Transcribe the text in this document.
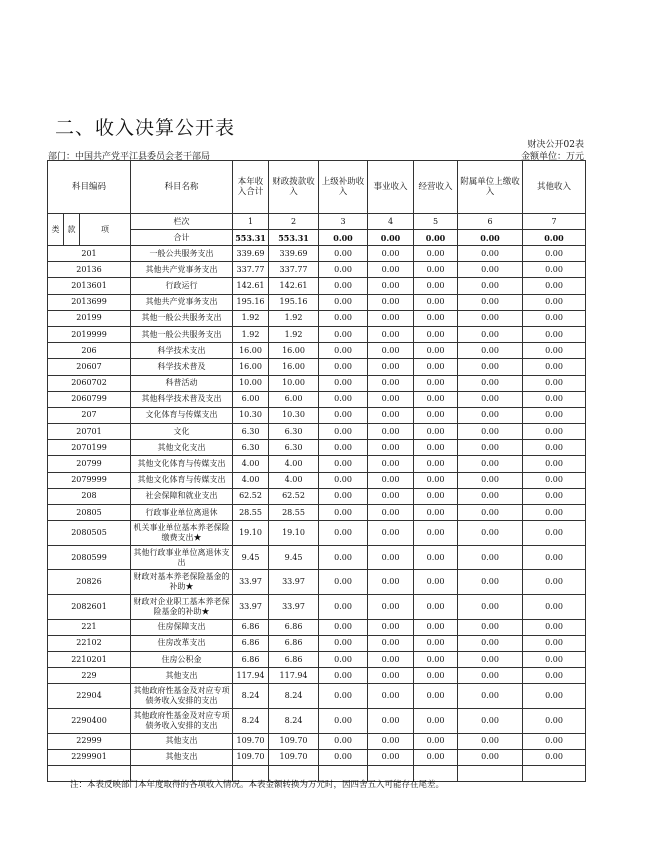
二、收入决算公开表
财决公开02表
部门：中国共产党平江县委员会老干部局	金额单位：万元
科目编码			科目名称	本年收入合计	财政拨款收入	上级补助收入	事业收入	经营收入	附属单位上缴收入	其他收入
类	款	项	栏次	1	2	3	4	5	6	7
			合计	553.31	553.31	0.00	0.00	0.00	0.00	0.00
201			一般公共服务支出	339.69	339.69	0.00	0.00	0.00	0.00	0.00
20136			其他共产党事务支出	337.77	337.77	0.00	0.00	0.00	0.00	0.00
2013601			行政运行	142.61	142.61	0.00	0.00	0.00	0.00	0.00
2013699			其他共产党事务支出	195.16	195.16	0.00	0.00	0.00	0.00	0.00
20199			其他一般公共服务支出	1.92	1.92	0.00	0.00	0.00	0.00	0.00
2019999			其他一般公共服务支出	1.92	1.92	0.00	0.00	0.00	0.00	0.00
206			科学技术支出	16.00	16.00	0.00	0.00	0.00	0.00	0.00
20607			科学技术普及	16.00	16.00	0.00	0.00	0.00	0.00	0.00
2060702			科普活动	10.00	10.00	0.00	0.00	0.00	0.00	0.00
2060799			其他科学技术普及支出	6.00	6.00	0.00	0.00	0.00	0.00	0.00
207			文化体育与传媒支出	10.30	10.30	0.00	0.00	0.00	0.00	0.00
20701			文化	6.30	6.30	0.00	0.00	0.00	0.00	0.00
2070199			其他文化支出	6.30	6.30	0.00	0.00	0.00	0.00	0.00
20799			其他文化体育与传媒支出	4.00	4.00	0.00	0.00	0.00	0.00	0.00
2079999			其他文化体育与传媒支出	4.00	4.00	0.00	0.00	0.00	0.00	0.00
208			社会保障和就业支出	62.52	62.52	0.00	0.00	0.00	0.00	0.00
20805			行政事业单位离退休	28.55	28.55	0.00	0.00	0.00	0.00	0.00
2080505			机关事业单位基本养老保险缴费支出★	19.10	19.10	0.00	0.00	0.00	0.00	0.00
2080599			其他行政事业单位离退休支出	9.45	9.45	0.00	0.00	0.00	0.00	0.00
20826			财政对基本养老保险基金的补助★	33.97	33.97	0.00	0.00	0.00	0.00	0.00
2082601			财政对企业职工基本养老保险基金的补助★	33.97	33.97	0.00	0.00	0.00	0.00	0.00
221			住房保障支出	6.86	6.86	0.00	0.00	0.00	0.00	0.00
22102			住房改革支出	6.86	6.86	0.00	0.00	0.00	0.00	0.00
2210201			住房公积金	6.86	6.86	0.00	0.00	0.00	0.00	0.00
229			其他支出	117.94	117.94	0.00	0.00	0.00	0.00	0.00
22904			其他政府性基金及对应专项债务收入安排的支出	8.24	8.24	0.00	0.00	0.00	0.00	0.00
2290400			其他政府性基金及对应专项债务收入安排的支出	8.24	8.24	0.00	0.00	0.00	0.00	0.00
22999			其他支出	109.70	109.70	0.00	0.00	0.00	0.00	0.00
2299901			其他支出	109.70	109.70	0.00	0.00	0.00	0.00	0.00

注：本表反映部门本年度取得的各项收入情况。本表金额转换为万元时，因四舍五入可能存在尾差。
